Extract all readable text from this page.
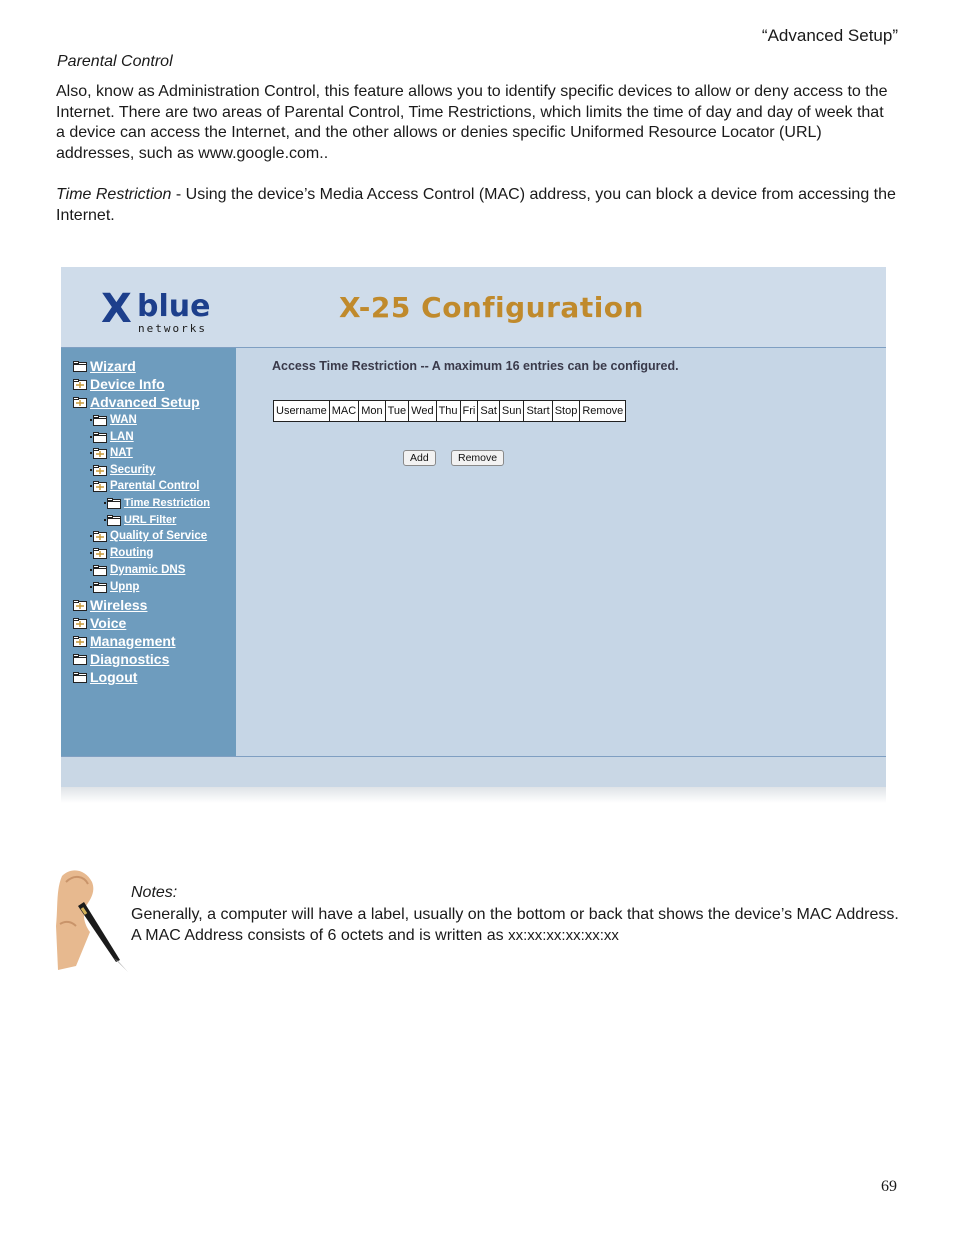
“Advanced Setup”
Parental Control
Also, know as Administration Control, this feature allows you to identify specific devices to allow or deny access to the Internet. There are two areas of Parental Control, Time Restrictions, which limits the time of day and day of week that a device can access the Internet, and the other allows or denies specific Uniformed Resource Locator (URL) addresses, such as www.google.com..
Time Restriction - Using the device’s Media Access Control (MAC) address, you can block a device from accessing the Internet.
X blue
networks
X-25 Configuration
Wizard
Device Info
Advanced Setup
WAN
LAN
NAT
Security
Parental Control
Time Restriction
URL Filter
Quality of Service
Routing
Dynamic DNS
Upnp
Wireless
Voice
Management
Diagnostics
Logout
Access Time Restriction -- A maximum 16 entries can be configured.
Username	MAC	Mon	Tue	Wed	Thu	Fri	Sat	Sun	Start	Stop	Remove
Add	Remove
Notes:
Generally, a computer will have a label, usually on the bottom or back that shows the device’s MAC Address. A MAC Address consists of 6 octets and is written as xx:xx:xx:xx:xx:xx
69
